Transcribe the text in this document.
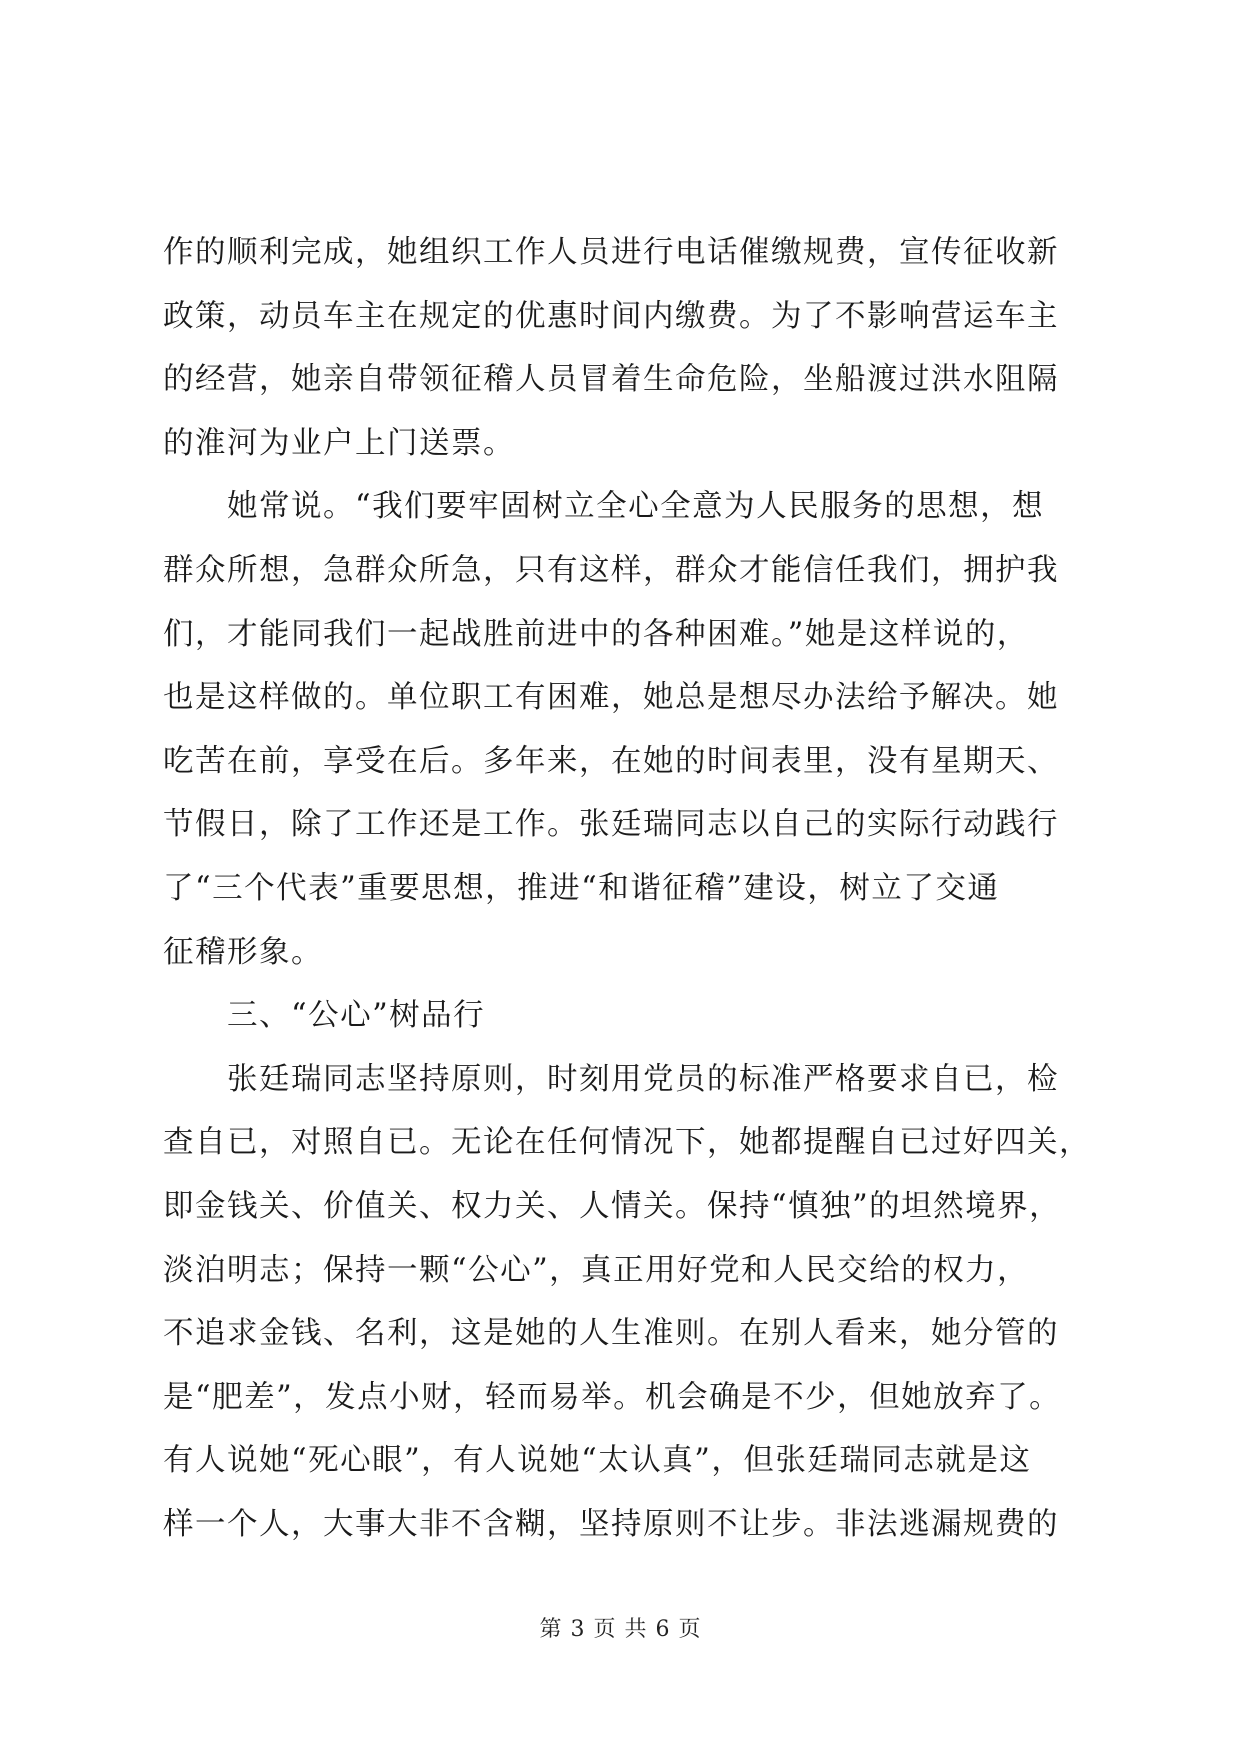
作的顺利完成，她组织工作人员进行电话催缴规费，宣传征收新
政策，动员车主在规定的优惠时间内缴费。为了不影响营运车主
的经营，她亲自带领征稽人员冒着生命危险，坐船渡过洪水阻隔
的淮河为业户上门送票。

她常说。“我们要牢固树立全心全意为人民服务的思想，想
群众所想，急群众所急，只有这样，群众才能信任我们，拥护我
们，才能同我们一起战胜前进中的各种困难。”她是这样说的，
也是这样做的。单位职工有困难，她总是想尽办法给予解决。她
吃苦在前，享受在后。多年来，在她的时间表里，没有星期天、
节假日，除了工作还是工作。张廷瑞同志以自己的实际行动践行
了“三个代表”重要思想，推进“和谐征稽”建设，树立了交通
征稽形象。

三、“公心”树品行

张廷瑞同志坚持原则，时刻用党员的标准严格要求自已，检
查自已，对照自已。无论在任何情况下，她都提醒自已过好四关，
即金钱关、价值关、权力关、人情关。保持“慎独”的坦然境界，
淡泊明志；保持一颗“公心”，真正用好党和人民交给的权力，
不追求金钱、名利，这是她的人生准则。在别人看来，她分管的
是“肥差”，发点小财，轻而易举。机会确是不少，但她放弃了。
有人说她“死心眼”，有人说她“太认真”，但张廷瑞同志就是这
样一个人，大事大非不含糊，坚持原则不让步。非法逃漏规费的

第 3 页 共 6 页
